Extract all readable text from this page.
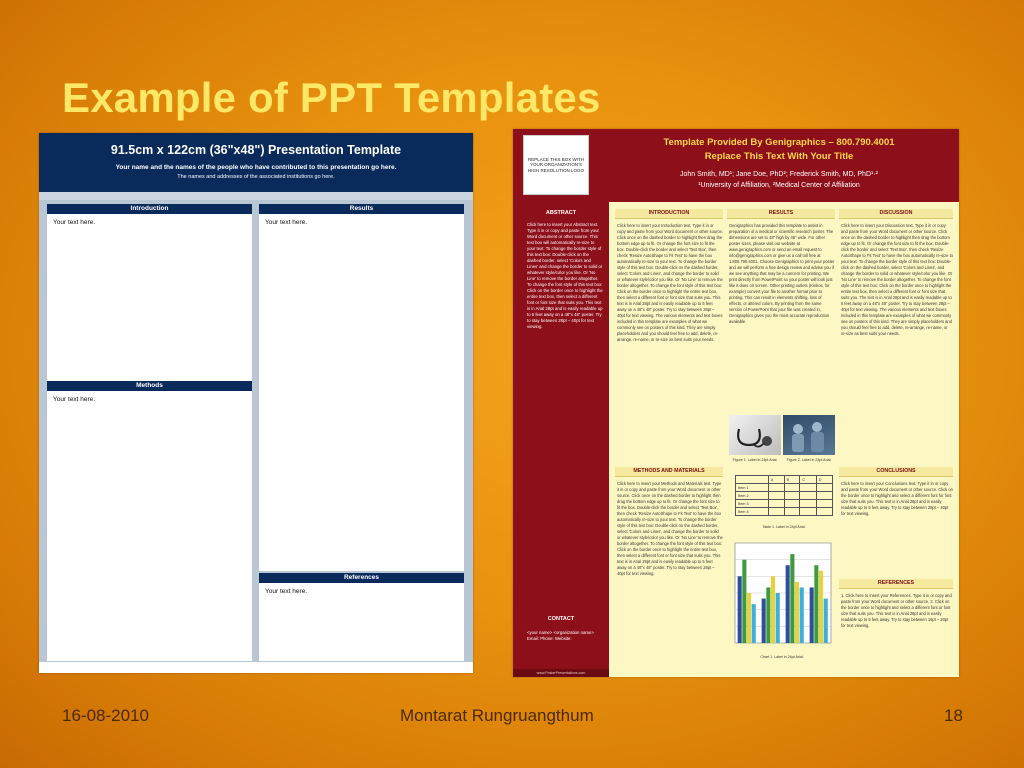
Example of PPT Templates
91.5cm x 122cm (36"x48") Presentation Template
Your name and the names of the people who have contributed to this presentation go here.
The names and addresses of the associated institutions go here.
Introduction
Your text here.
Results
Your text here.
Methods
Your text here.
References
Your text here.
REPLACE THIS BOX WITH YOUR ORGANIZATION'S HIGH RESOLUTION LOGO
Template Provided By Genigraphics – 800.790.4001
Replace This Text With Your Title
John Smith, MD¹; Jane Doe, PhD²; Frederick Smith, MD, PhD¹·²
¹University of Affiliation, ²Medical Center of Affiliation
ABSTRACT
Click here to insert your Abstract text. Type it in or copy and paste from your Word document or other source. This text box will automatically re-size to your text. To change the border style of this text box: Double-click on the dashed border, select 'Colors and Lines' and change the border to solid or whatever style/color you like. Or 'No Line' to remove the border altogether. To change the font style of this text box: Click on the border once to highlight the entire text box, then select a different font or font size that suits you. This text is in Arial 28pt and is easily readable up to 5 feet away on a 48"x 48" poster. Try to stay between 28pt – 40pt for text viewing.
CONTACT
<your name> <organization name> Email: Phone: Website:
www.PosterPresentations.com
INTRODUCTION
Click here to insert your Introduction text. Type it in or copy and paste from your Word document or other source. Click once on the dashed border to highlight then drag the bottom edge up to fit. Or change the font size to fit the box. Double-click the border and select 'Text Box', then check 'Resize AutoShape to Fit Text' to have the box automatically re-size to your text. To change the border style of this text box: Double-click on the dashed border, select 'Colors and Lines', and change the border to solid or whatever style/color you like. Or 'No Line' to remove the border altogether. To change the font style of this text box: Click on the border once to highlight the entire text box, then select a different font or font size that suits you. This text is in Arial 28pt and is easily readable up to 5 feet away on a 48"x 48" poster. Try to stay between 28pt – 40pt for text viewing. The various elements and text boxes included in this template are examples of what we commonly see on posters of this kind. They are simply placeholders and you should feel free to add, delete, re-arrange, re-name, or re-size as best suits your needs.
METHODS AND MATERIALS
Click here to insert your Methods and Materials text. Type it in or copy and paste from your Word document or other source. Click once on the dashed border to highlight then drag the bottom edge up to fit. Or change the font size to fit the box. Double-click the border and select 'Text Box', then check 'Resize AutoShape to Fit Text' to have the box automatically re-size to your text. To change the border style of this text box: Double-click on the dashed border, select 'Colors and Lines', and change the border to solid or whatever style/color you like. Or 'No Line' to remove the border altogether. To change the font style of this text box: Click on the border once to highlight the entire text box, then select a different font or font size that suits you. This text is in Arial 28pt and is easily readable up to 5 feet away on a 48"x 48" poster. Try to stay between 28pt – 40pt for text viewing.
RESULTS
Genigraphics has provided this template to assist in preparation of a medical or scientific research poster. The dimensions are set to 48" high by 48" wide. For other poster sizes, please visit our website at www.genigraphics.com or send an email request to info@genigraphics.com or give us a call toll free at 1.800.790.4001. Choose Genigraphics to print your poster and we will perform a free design review and advise you if we see anything that may be a concern for printing. We print directly from PowerPoint so your poster will look just like it does on screen. Other printing outlets (Kinkos, for example) convert your file to another format prior to printing. This can result in elements shifting, loss of effects, or altered colors. By printing from the same version of PowerPoint that your file was created in, Genigraphics gives you the most accurate reproduction available.
Figure 1. Label in 24pt Arial.	Figure 2. Label in 24pt Arial.
	A	B	C	D
Item 1				
Item 2				
Item 3				
Item 4				
Table 1. Label in 24pt Arial.
Chart 1. Label in 24pt Arial.
DISCUSSION
Click here to insert your Discussion text. Type it in or copy and paste from your Word document or other source. Click once on the dashed border to highlight then drag the bottom edge up to fit. Or change the font size to fit the box. Double-click the border and select 'Text Box', then check 'Resize AutoShape to Fit Text' to have the box automatically re-size to your text. To change the border style of this text box: Double-click on the dashed border, select 'Colors and Lines', and change the border to solid or whatever style/color you like. Or 'No Line' to remove the border altogether. To change the font style of this text box: Click on the border once to highlight the entire text box, then select a different font or font size that suits you. The text is in Arial 28pt and is easily readable up to 5 feet away on a 48"x 48" poster. Try to stay between 28pt – 40pt for text viewing. The various elements and text boxes included in this template are examples of what we commonly see on posters of this kind. They are simply placeholders and you should feel free to add, delete, re-arrange, re-name, or re-size as best suits your needs.
CONCLUSIONS
Click here to insert your Conclusions text. Type it in or copy and paste from your Word document or other source. Click on the border once to highlight and select a different font for font size that suits you. This text is in Arial 28pt and is easily readable up to 5 feet away. Try to stay between 28pt – 40pt for text viewing.
REFERENCES
1. Click here to insert your References. Type it in or copy and paste from your Word document or other source. 2. Click on the border once to highlight and select a different font or font size that suits you. This text is in Arial 28pt and is easily readable up to 5 feet away. Try to stay between 16pt – 20pt for text viewing.
16-08-2010	Montarat Rungruangthum	18
